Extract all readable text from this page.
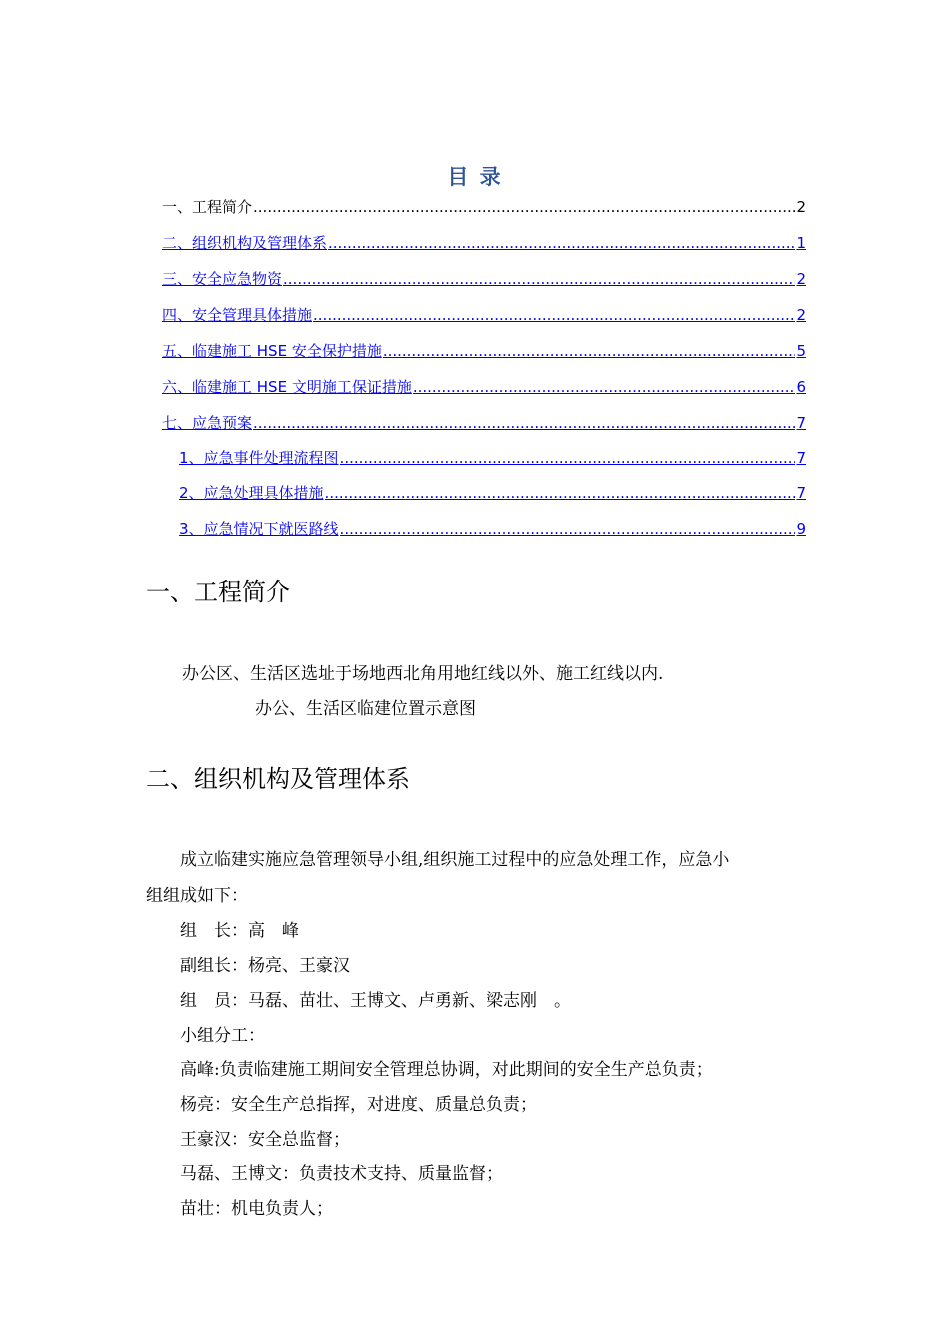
目 录
一、工程简介 .....	2
二、组织机构及管理体系 .....	1
三、安全应急物资 .....	2
四、安全管理具体措施 .....	2
五、临建施工 HSE 安全保护措施 .....	5
六、临建施工 HSE 文明施工保证措施 .....	6
七、应急预案 .....	7
1、应急事件处理流程图 .....	7
2、应急处理具体措施 .....	7
3、应急情况下就医路线 .....	9
一、工程简介
办公区、生活区选址于场地西北角用地红线以外、施工红线以内.
办公、生活区临建位置示意图
二、组织机构及管理体系
成立临建实施应急管理领导小组,组织施工过程中的应急处理工作，应急小
组组成如下：
组　长：高　峰
副组长：杨亮、王豪汉
组　员：马磊、苗壮、王博文、卢勇新、梁志刚　。
小组分工：
高峰:负责临建施工期间安全管理总协调，对此期间的安全生产总负责；
杨亮：安全生产总指挥，对进度、质量总负责；
王豪汉：安全总监督；
马磊、王博文：负责技术支持、质量监督；
苗壮：机电负责人；
